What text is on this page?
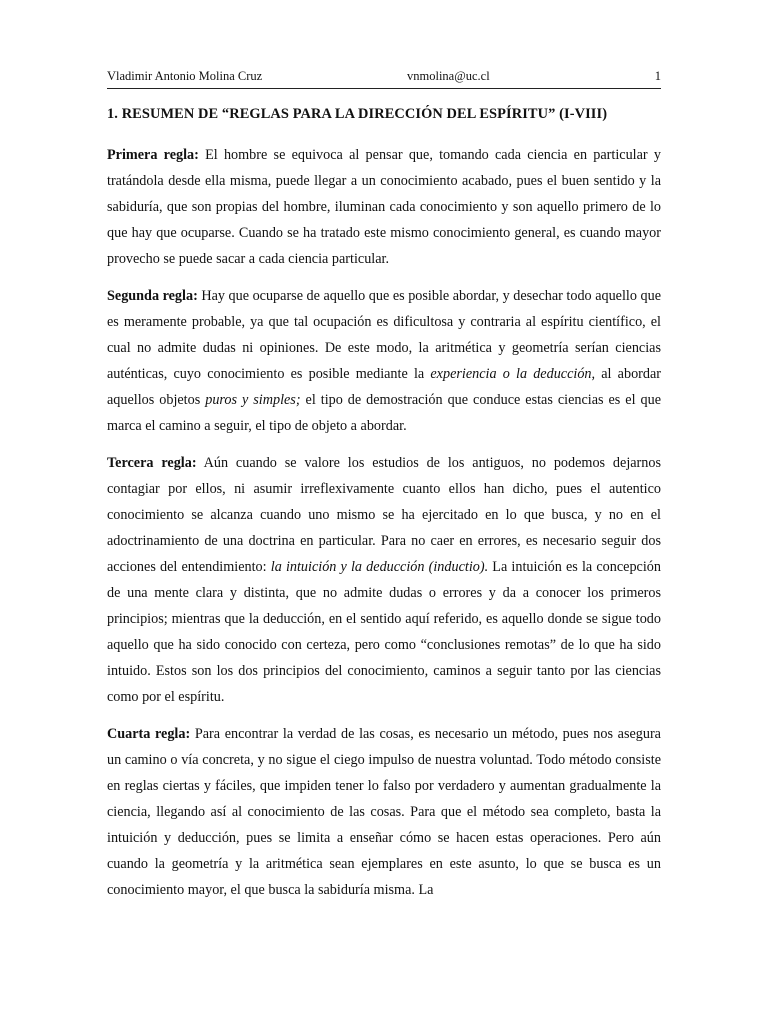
Vladimir Antonio Molina Cruz	vnmolina@uc.cl	1
1. RESUMEN DE “REGLAS PARA LA DIRECCIÓN DEL ESPÍRITU” (I-VIII)

Primera regla: El hombre se equivoca al pensar que, tomando cada ciencia en particular y tratándola desde ella misma, puede llegar a un conocimiento acabado, pues el buen sentido y la sabiduría, que son propias del hombre, iluminan cada conocimiento y son aquello primero de lo que hay que ocuparse. Cuando se ha tratado este mismo conocimiento general, es cuando mayor provecho se puede sacar a cada ciencia particular.

Segunda regla: Hay que ocuparse de aquello que es posible abordar, y desechar todo aquello que es meramente probable, ya que tal ocupación es dificultosa y contraria al espíritu científico, el cual no admite dudas ni opiniones. De este modo, la aritmética y geometría serían ciencias auténticas, cuyo conocimiento es posible mediante la experiencia o la deducción, al abordar aquellos objetos puros y simples; el tipo de demostración que conduce estas ciencias es el que marca el camino a seguir, el tipo de objeto a abordar.

Tercera regla: Aún cuando se valore los estudios de los antiguos, no podemos dejarnos contagiar por ellos, ni asumir irreflexivamente cuanto ellos han dicho, pues el autentico conocimiento se alcanza cuando uno mismo se ha ejercitado en lo que busca, y no en el adoctrinamiento de una doctrina en particular. Para no caer en errores, es necesario seguir dos acciones del entendimiento: la intuición y la deducción (inductio). La intuición es la concepción de una mente clara y distinta, que no admite dudas o errores y da a conocer los primeros principios; mientras que la deducción, en el sentido aquí referido, es aquello donde se sigue todo aquello que ha sido conocido con certeza, pero como “conclusiones remotas” de lo que ha sido intuido. Estos son los dos principios del conocimiento, caminos a seguir tanto por las ciencias como por el espíritu.

Cuarta regla: Para encontrar la verdad de las cosas, es necesario un método, pues nos asegura un camino o vía concreta, y no sigue el ciego impulso de nuestra voluntad. Todo método consiste en reglas ciertas y fáciles, que impiden tener lo falso por verdadero y aumentan gradualmente la ciencia, llegando así al conocimiento de las cosas. Para que el método sea completo, basta la intuición y deducción, pues se limita a enseñar cómo se hacen estas operaciones. Pero aún cuando la geometría y la aritmética sean ejemplares en este asunto, lo que se busca es un conocimiento mayor, el que busca la sabiduría misma. La
